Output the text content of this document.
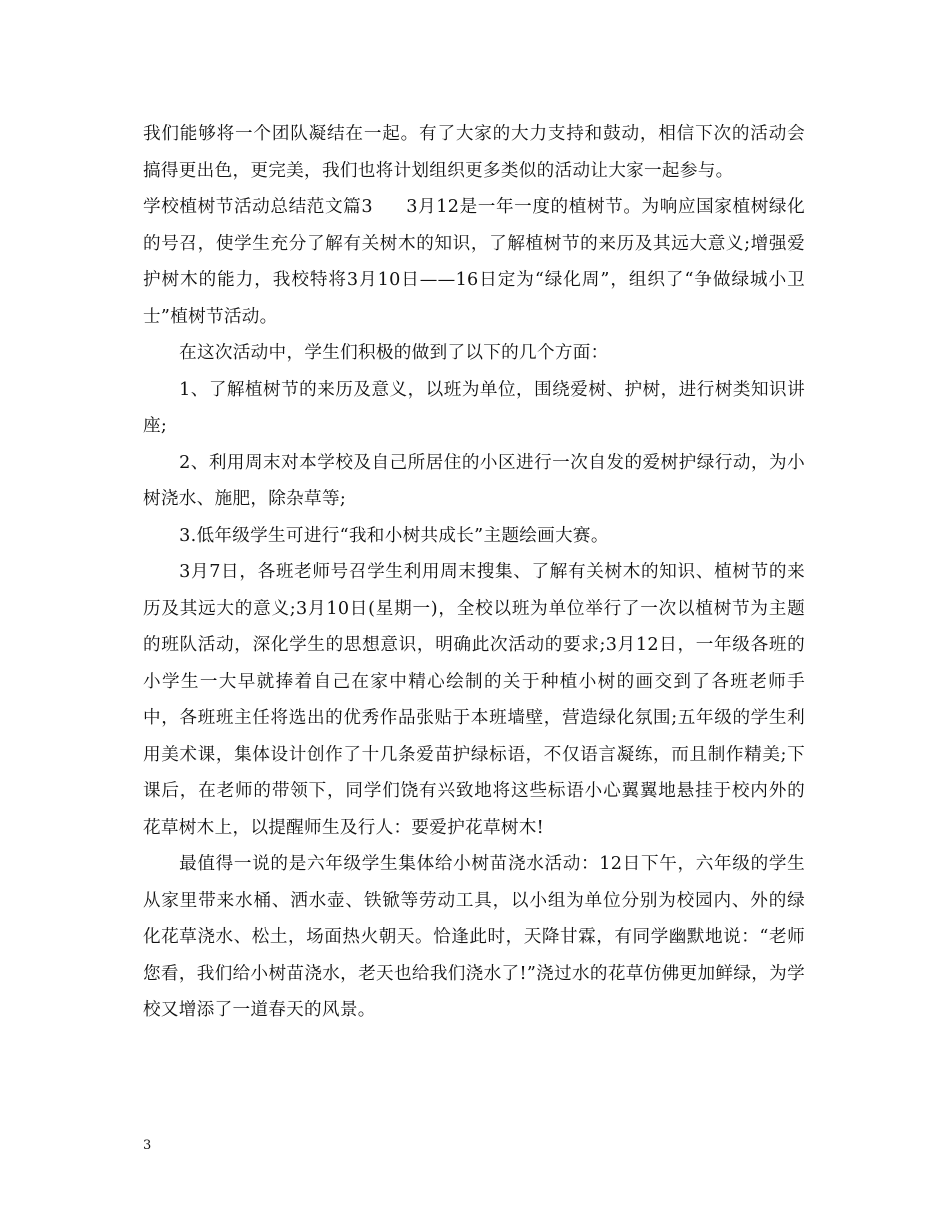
我们能够将一个团队凝结在一起。有了大家的大力支持和鼓动，相信下次的活动会搞得更出色，更完美，我们也将计划组织更多类似的活动让大家一起参与。

学校植树节活动总结范文篇3 3月12是一年一度的植树节。为响应国家植树绿化的号召，使学生充分了解有关树木的知识，了解植树节的来历及其远大意义;增强爱护树木的能力，我校特将3月10日——16日定为“绿化周”，组织了“争做绿城小卫士”植树节活动。

在这次活动中，学生们积极的做到了以下的几个方面：

1、了解植树节的来历及意义，以班为单位，围绕爱树、护树，进行树类知识讲座;

2、利用周末对本学校及自己所居住的小区进行一次自发的爱树护绿行动，为小树浇水、施肥，除杂草等;

3.低年级学生可进行“我和小树共成长”主题绘画大赛。

3月7日，各班老师号召学生利用周末搜集、了解有关树木的知识、植树节的来历及其远大的意义;3月10日(星期一)，全校以班为单位举行了一次以植树节为主题的班队活动，深化学生的思想意识，明确此次活动的要求;3月12日，一年级各班的小学生一大早就捧着自己在家中精心绘制的关于种植小树的画交到了各班老师手中，各班班主任将选出的优秀作品张贴于本班墙壁，营造绿化氛围;五年级的学生利用美术课，集体设计创作了十几条爱苗护绿标语，不仅语言凝练，而且制作精美;下课后，在老师的带领下，同学们饶有兴致地将这些标语小心翼翼地悬挂于校内外的花草树木上，以提醒师生及行人：要爱护花草树木!

最值得一说的是六年级学生集体给小树苗浇水活动：12日下午，六年级的学生从家里带来水桶、洒水壶、铁锨等劳动工具，以小组为单位分别为校园内、外的绿化花草浇水、松土，场面热火朝天。恰逢此时，天降甘霖，有同学幽默地说：“老师您看，我们给小树苗浇水，老天也给我们浇水了!”浇过水的花草仿佛更加鲜绿，为学校又增添了一道春天的风景。

3
